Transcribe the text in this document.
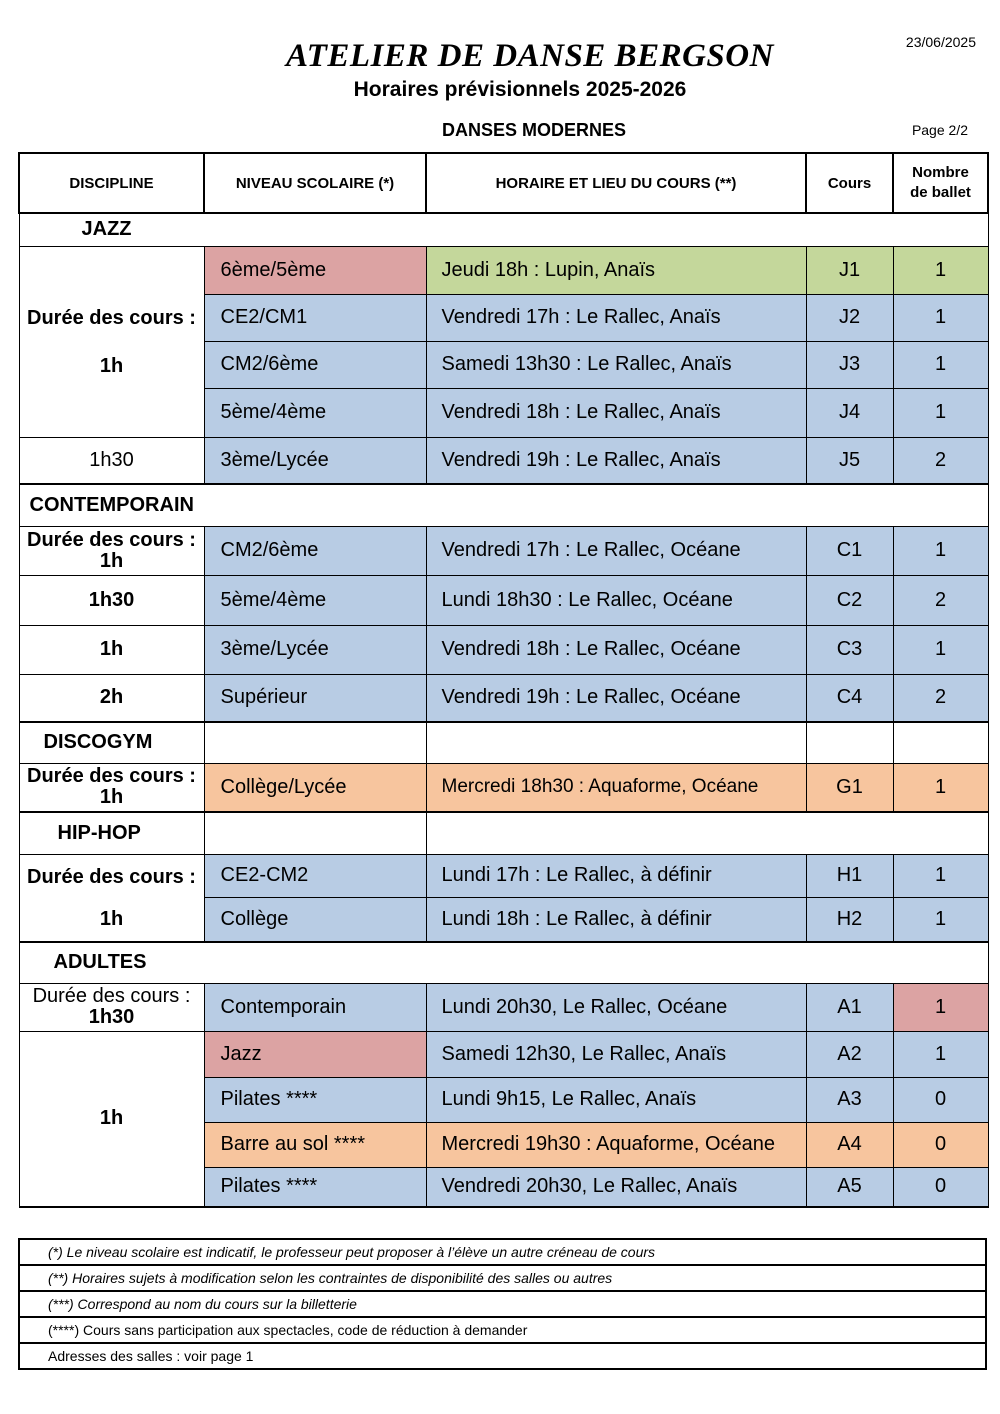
ATELIER DE DANSE BERGSON
Horaires prévisionnels 2025-2026
23/06/2025
DANSES MODERNES	Page 2/2
DISCIPLINE	NIVEAU SCOLAIRE (*)	HORAIRE ET LIEU DU COURS (**)	Cours	Nombre
de ballet
JAZZ				
Durée des cours :

1h	6ème/5ème	Jeudi 18h : Lupin, Anaïs	J1	1
	CE2/CM1	Vendredi 17h : Le Rallec, Anaïs	J2	1
	CM2/6ème	Samedi 13h30 : Le Rallec, Anaïs	J3	1
	5ème/4ème	Vendredi 18h : Le Rallec, Anaïs	J4	1
1h30	3ème/Lycée	Vendredi 19h : Le Rallec, Anaïs	J5	2
CONTEMPORAIN				
Durée des cours :
1h	CM2/6ème	Vendredi 17h : Le Rallec, Océane	C1	1
1h30	5ème/4ème	Lundi 18h30 : Le Rallec, Océane	C2	2
1h	3ème/Lycée	Vendredi 18h : Le Rallec, Océane	C3	1
2h	Supérieur	Vendredi 19h : Le Rallec, Océane	C4	2
DISCOGYM				
Durée des cours :
1h	Collège/Lycée	Mercredi 18h30 : Aquaforme, Océane	G1	1
HIP-HOP				
Durée des cours :
1h	CE2-CM2	Lundi 17h : Le Rallec, à définir	H1	1
	Collège	Lundi 18h : Le Rallec, à définir	H2	1
ADULTES				
Durée des cours :
1h30	Contemporain	Lundi 20h30, Le Rallec, Océane	A1	1
1h	Jazz	Samedi 12h30, Le Rallec, Anaïs	A2	1
	Pilates ****	Lundi 9h15, Le Rallec, Anaïs	A3	0
	Barre au sol ****	Mercredi 19h30 : Aquaforme, Océane	A4	0
	Pilates ****	Vendredi 20h30, Le Rallec, Anaïs	A5	0

(*) Le niveau scolaire est indicatif, le professeur peut proposer à l’élève un autre créneau de cours
(**) Horaires sujets à modification selon les contraintes de disponibilité des salles ou autres
(***) Correspond au nom du cours sur la billetterie
(****) Cours sans participation aux spectacles, code de réduction à demander
Adresses des salles : voir page 1
